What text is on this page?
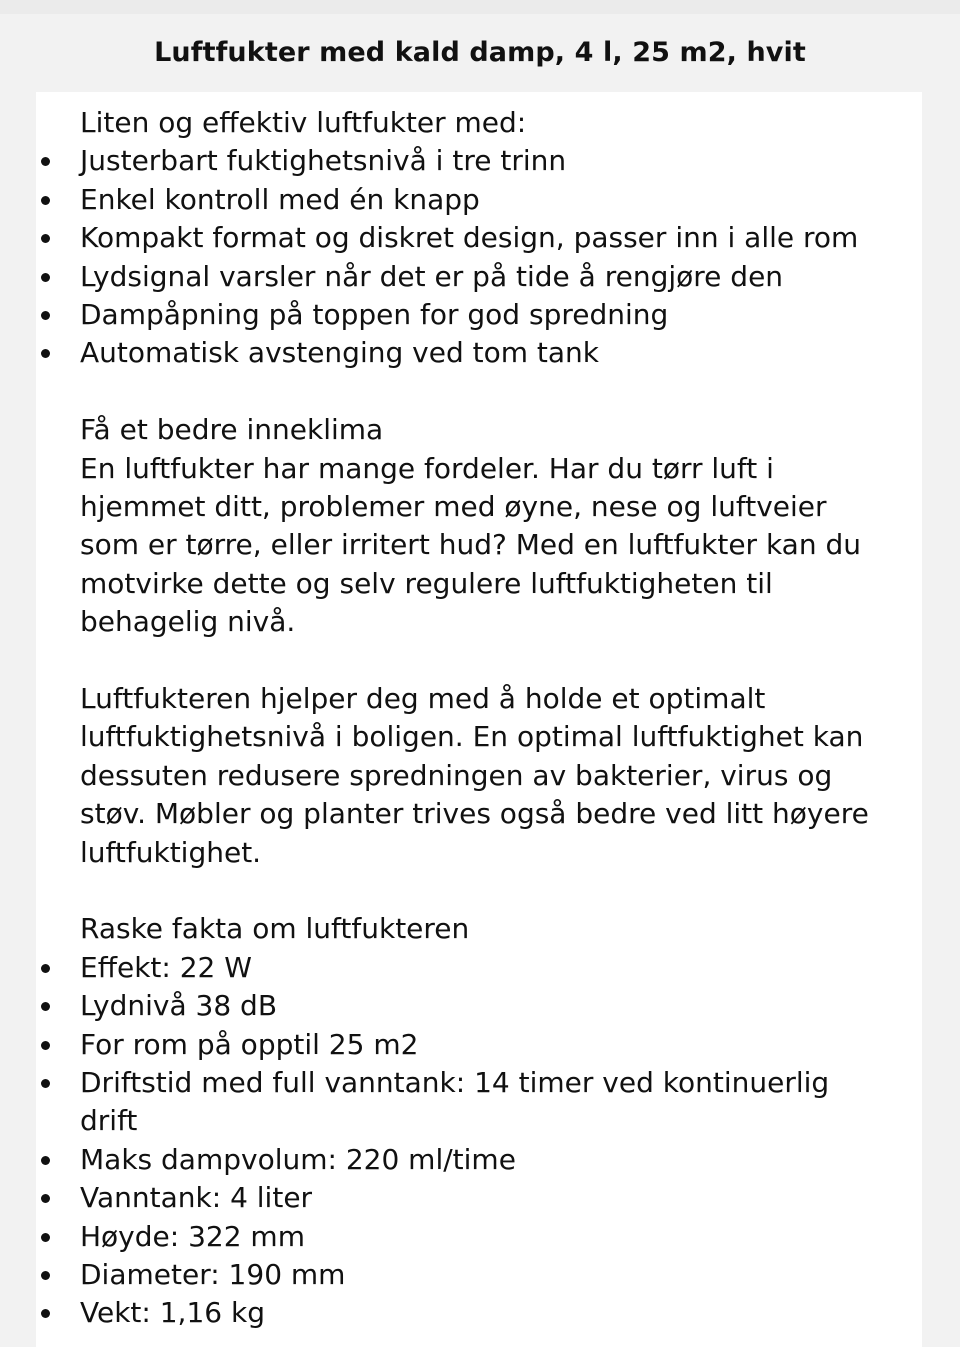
Luftfukter med kald damp, 4 l, 25 m2, hvit
Liten og effektiv luftfukter med:
Justerbart fuktighetsnivå i tre trinn
Enkel kontroll med én knapp
Kompakt format og diskret design, passer inn i alle rom
Lydsignal varsler når det er på tide å rengjøre den
Dampåpning på toppen for god spredning
Automatisk avstenging ved tom tank
Få et bedre inneklima
En luftfukter har mange fordeler. Har du tørr luft i
hjemmet ditt, problemer med øyne, nese og luftveier
som er tørre, eller irritert hud? Med en luftfukter kan du
motvirke dette og selv regulere luftfuktigheten til
behagelig nivå.
Luftfukteren hjelper deg med å holde et optimalt
luftfuktighetsnivå i boligen. En optimal luftfuktighet kan
dessuten redusere spredningen av bakterier, virus og
støv. Møbler og planter trives også bedre ved litt høyere
luftfuktighet.
Raske fakta om luftfukteren
Effekt: 22 W
Lydnivå 38 dB
For rom på opptil 25 m2
Driftstid med full vanntank: 14 timer ved kontinuerlig drift
Maks dampvolum: 220 ml/time
Vanntank: 4 liter
Høyde: 322 mm
Diameter: 190 mm
Vekt: 1,16 kg
